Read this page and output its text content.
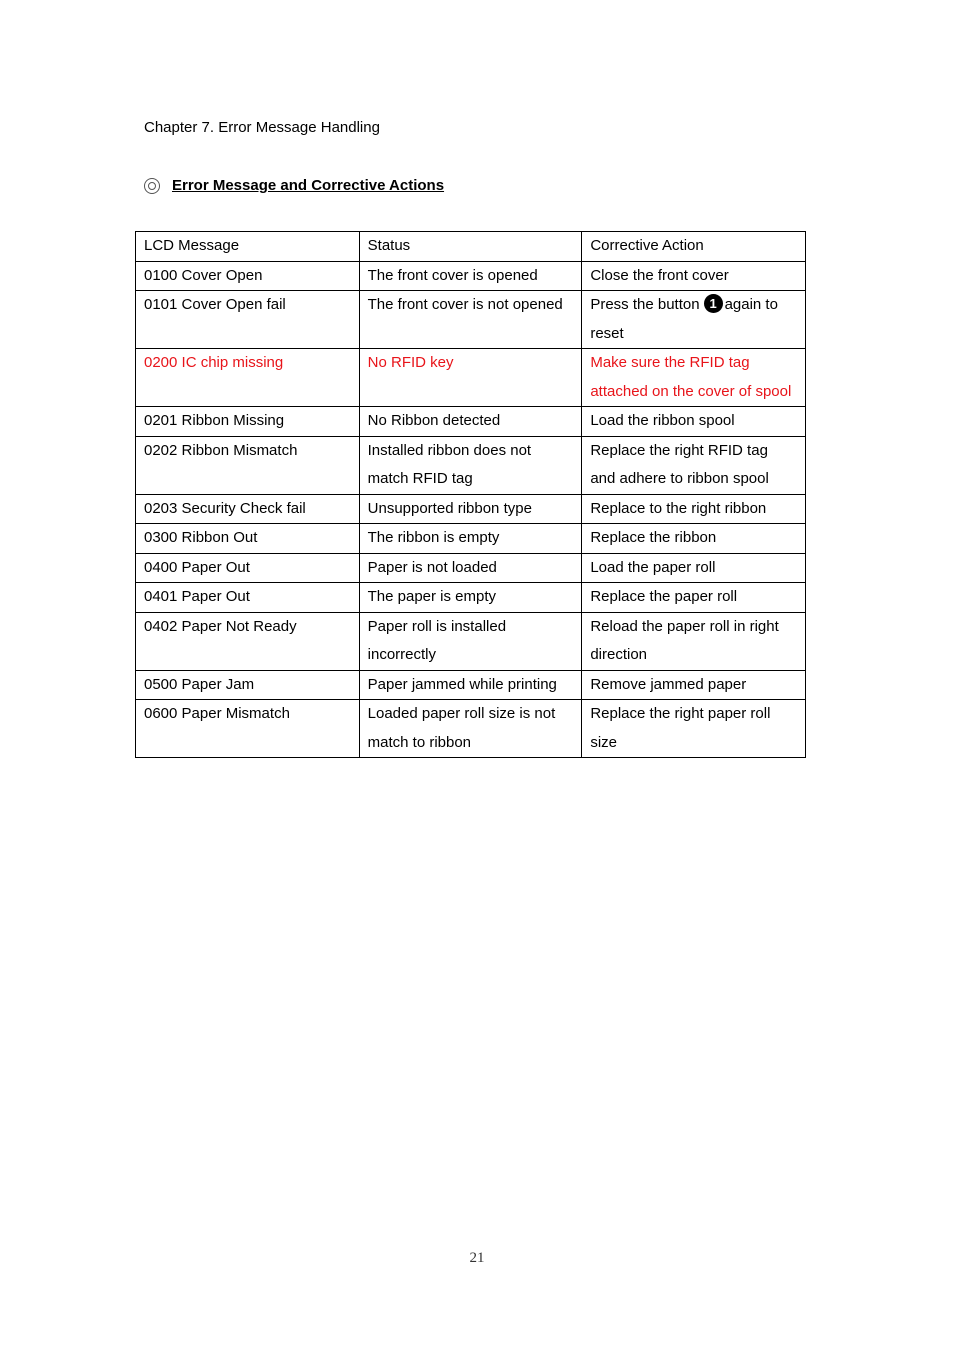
Chapter 7. Error Message Handling
Error Message and Corrective Actions
LCD Message	Status	Corrective Action
0100 Cover Open	The front cover is opened	Close the front cover
0101 Cover Open fail	The front cover is not opened	Press the button 1 again to reset
0200 IC chip missing	No RFID key	Make sure the RFID tag attached on the cover of spool
0201 Ribbon Missing	No Ribbon detected	Load the ribbon spool
0202 Ribbon Mismatch	Installed ribbon does not match RFID tag	Replace the right RFID tag and adhere to ribbon spool
0203 Security Check fail	Unsupported ribbon type	Replace to the right ribbon
0300 Ribbon Out	The ribbon is empty	Replace the ribbon
0400 Paper Out	Paper is not loaded	Load the paper roll
0401 Paper Out	The paper is empty	Replace the paper roll
0402 Paper Not Ready	Paper roll is installed incorrectly	Reload the paper roll in right direction
0500 Paper Jam	Paper jammed while printing	Remove jammed paper
0600 Paper Mismatch	Loaded paper roll size is not match to ribbon	Replace the right paper roll size
21
